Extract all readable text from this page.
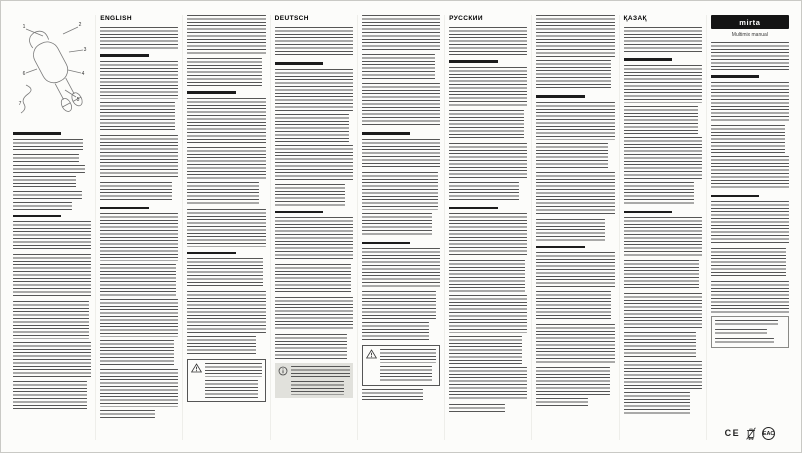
1	2
3
4
5
6
7
ENGLISH	DEUTSCH	РУССКИЙ	ҚАЗАҚ	mirta
Multimix manual
CE	EAC
